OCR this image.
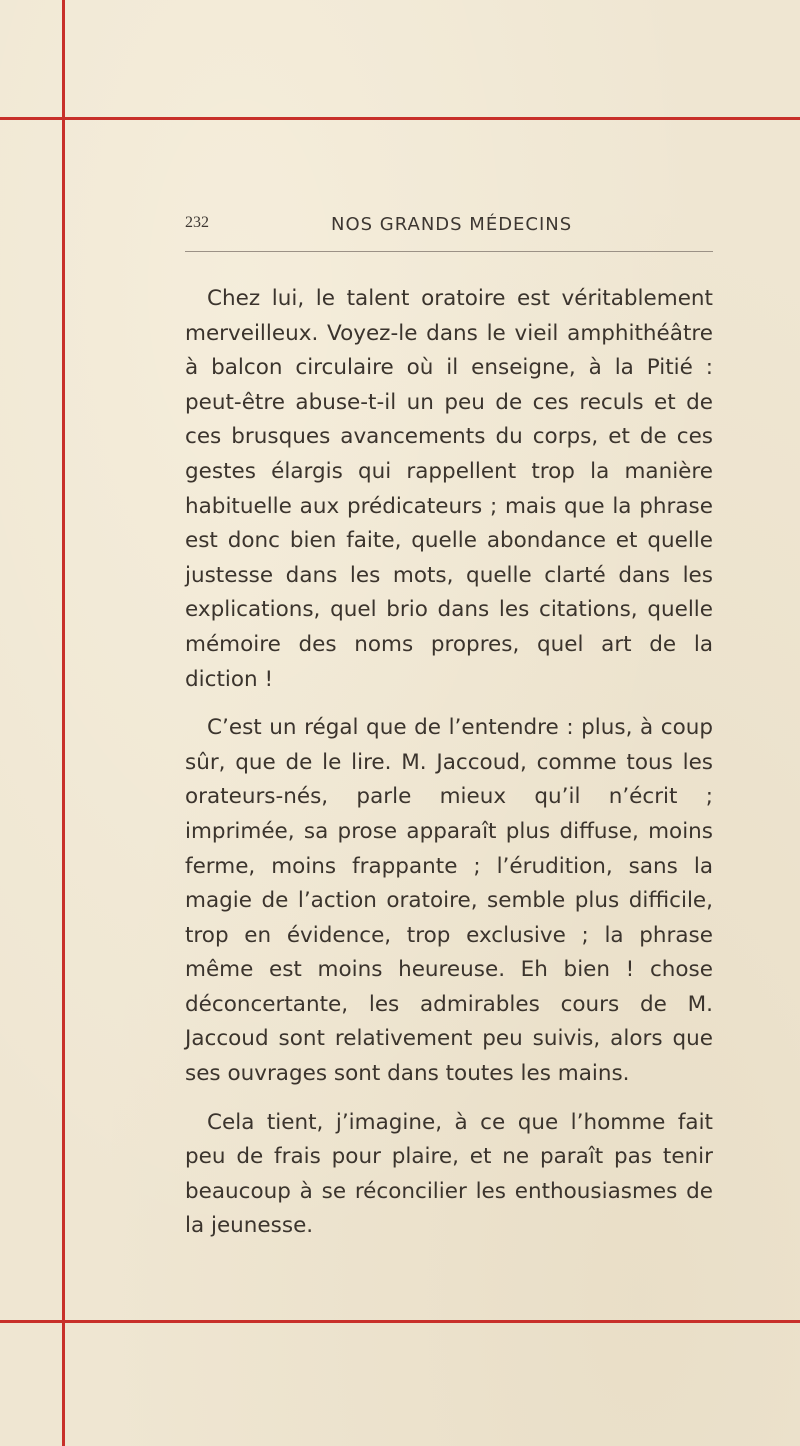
232	NOS GRANDS MÉDECINS

Chez lui, le talent oratoire est véritablement merveilleux. Voyez-le dans le vieil amphithéâtre à balcon circulaire où il enseigne, à la Pitié : peut-être abuse-t-il un peu de ces reculs et de ces brusques avancements du corps, et de ces gestes élargis qui rappellent trop la manière habituelle aux prédicateurs ; mais que la phrase est donc bien faite, quelle abondance et quelle justesse dans les mots, quelle clarté dans les explications, quel brio dans les citations, quelle mémoire des noms propres, quel art de la diction !

C’est un régal que de l’entendre : plus, à coup sûr, que de le lire. M. Jaccoud, comme tous les orateurs-nés, parle mieux qu’il n’écrit ; imprimée, sa prose apparaît plus diffuse, moins ferme, moins frappante ; l’érudition, sans la magie de l’action oratoire, semble plus difficile, trop en évidence, trop exclusive ; la phrase même est moins heureuse. Eh bien ! chose déconcertante, les admirables cours de M. Jaccoud sont relativement peu suivis, alors que ses ouvrages sont dans toutes les mains.

Cela tient, j’imagine, à ce que l’homme fait peu de frais pour plaire, et ne paraît pas tenir beaucoup à se réconcilier les enthousiasmes de la jeunesse.
